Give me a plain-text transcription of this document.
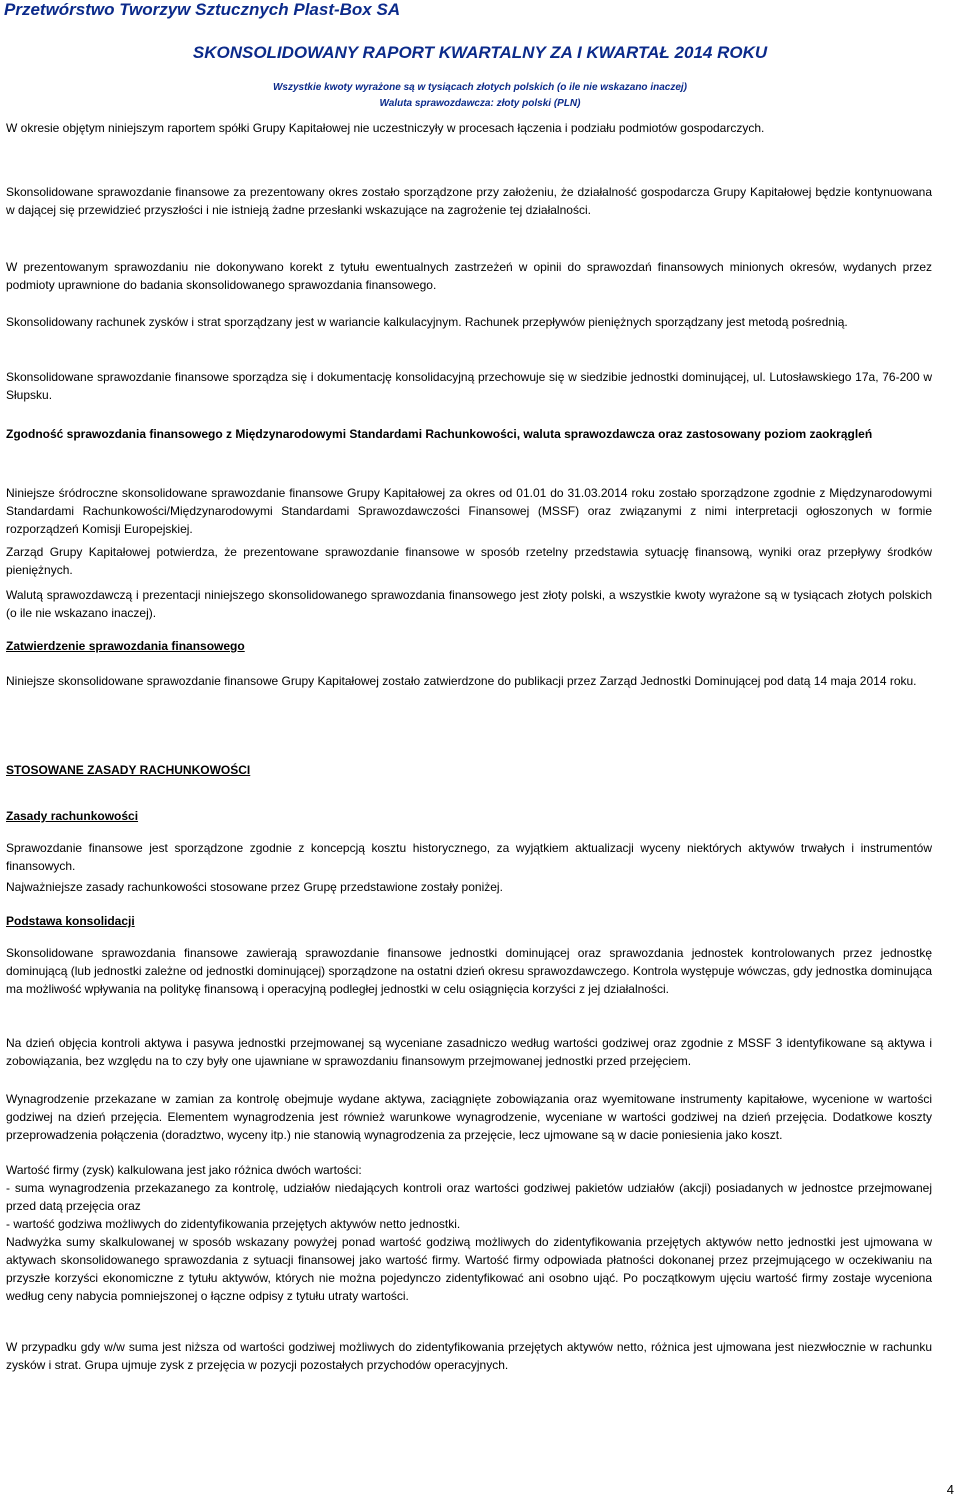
Przetwórstwo Tworzyw Sztucznych Plast-Box SA
SKONSOLIDOWANY RAPORT KWARTALNY ZA I KWARTAŁ 2014 ROKU
Wszystkie kwoty wyrażone są w tysiącach złotych polskich (o ile nie wskazano inaczej)
Waluta sprawozdawcza: złoty polski (PLN)

W okresie objętym niniejszym raportem spółki Grupy Kapitałowej nie uczestniczyły w procesach łączenia i podziału podmiotów gospodarczych.

Skonsolidowane sprawozdanie finansowe za prezentowany okres zostało sporządzone przy założeniu, że działalność gospodarcza Grupy Kapitałowej będzie kontynuowana w dającej się przewidzieć przyszłości i nie istnieją żadne przesłanki wskazujące na zagrożenie tej działalności.

W prezentowanym sprawozdaniu nie dokonywano korekt z tytułu ewentualnych zastrzeżeń w opinii do sprawozdań finansowych minionych okresów, wydanych przez podmioty uprawnione do badania skonsolidowanego sprawozdania finansowego.

Skonsolidowany rachunek zysków i strat sporządzany jest w wariancie kalkulacyjnym. Rachunek przepływów pieniężnych sporządzany jest metodą pośrednią.

Skonsolidowane sprawozdanie finansowe sporządza się i dokumentację konsolidacyjną przechowuje się w siedzibie jednostki dominującej, ul. Lutosławskiego 17a, 76-200 w Słupsku.

Zgodność sprawozdania finansowego z Międzynarodowymi Standardami Rachunkowości, waluta sprawozdawcza oraz zastosowany poziom zaokrągleń

Niniejsze śródroczne skonsolidowane sprawozdanie finansowe Grupy Kapitałowej za okres od 01.01 do 31.03.2014 roku zostało sporządzone zgodnie z Międzynarodowymi Standardami Rachunkowości/Międzynarodowymi Standardami Sprawozdawczości Finansowej (MSSF) oraz związanymi z nimi interpretacji ogłoszonych w formie rozporządzeń Komisji Europejskiej.

Zarząd Grupy Kapitałowej potwierdza, że prezentowane sprawozdanie finansowe w sposób rzetelny przedstawia sytuację finansową, wyniki oraz przepływy środków pieniężnych.

Walutą sprawozdawczą i prezentacji niniejszego skonsolidowanego sprawozdania finansowego jest złoty polski, a wszystkie kwoty wyrażone są w tysiącach złotych polskich (o ile nie wskazano inaczej).

Zatwierdzenie sprawozdania finansowego

Niniejsze skonsolidowane sprawozdanie finansowe Grupy Kapitałowej zostało zatwierdzone do publikacji przez Zarząd Jednostki Dominującej pod datą 14 maja 2014 roku.

STOSOWANE ZASADY RACHUNKOWOŚCI

Zasady rachunkowości

Sprawozdanie finansowe jest sporządzone zgodnie z koncepcją kosztu historycznego, za wyjątkiem aktualizacji wyceny niektórych aktywów trwałych i instrumentów finansowych.

Najważniejsze zasady rachunkowości stosowane przez Grupę przedstawione zostały poniżej.

Podstawa konsolidacji

Skonsolidowane sprawozdania finansowe zawierają sprawozdanie finansowe jednostki dominującej oraz sprawozdania jednostek kontrolowanych przez jednostkę dominującą (lub jednostki zależne od jednostki dominującej) sporządzone na ostatni dzień okresu sprawozdawczego. Kontrola występuje wówczas, gdy jednostka dominująca ma możliwość wpływania na politykę finansową i operacyjną podległej jednostki w celu osiągnięcia korzyści z jej działalności.

Na dzień objęcia kontroli aktywa i pasywa jednostki przejmowanej są wyceniane zasadniczo według wartości godziwej oraz zgodnie z MSSF 3 identyfikowane są aktywa i zobowiązania, bez względu na to czy były one ujawniane w sprawozdaniu finansowym przejmowanej jednostki przed przejęciem.

Wynagrodzenie przekazane w zamian za kontrolę obejmuje wydane aktywa, zaciągnięte zobowiązania oraz wyemitowane instrumenty kapitałowe, wycenione w wartości godziwej na dzień przejęcia. Elementem wynagrodzenia jest również warunkowe wynagrodzenie, wyceniane w wartości godziwej na dzień przejęcia. Dodatkowe koszty przeprowadzenia połączenia (doradztwo, wyceny itp.) nie stanowią wynagrodzenia za przejęcie, lecz ujmowane są w dacie poniesienia jako koszt.

Wartość firmy (zysk) kalkulowana jest jako różnica dwóch wartości:

- suma wynagrodzenia przekazanego za kontrolę, udziałów niedających kontroli oraz wartości godziwej pakietów udziałów (akcji) posiadanych w jednostce przejmowanej przed datą przejęcia oraz

- wartość godziwa możliwych do zidentyfikowania przejętych aktywów netto jednostki.

Nadwyżka sumy skalkulowanej w sposób wskazany powyżej ponad wartość godziwą możliwych do zidentyfikowania przejętych aktywów netto jednostki jest ujmowana w aktywach skonsolidowanego sprawozdania z sytuacji finansowej jako wartość firmy. Wartość firmy odpowiada płatności dokonanej przez przejmującego w oczekiwaniu na przyszłe korzyści ekonomiczne z tytułu aktywów, których nie można pojedynczo zidentyfikować ani osobno ująć. Po początkowym ujęciu wartość firmy zostaje wyceniona według ceny nabycia pomniejszonej o łączne odpisy z tytułu utraty wartości.

W przypadku gdy w/w suma jest niższa od wartości godziwej możliwych do zidentyfikowania przejętych aktywów netto, różnica jest ujmowana jest niezwłocznie w rachunku zysków i strat. Grupa ujmuje zysk z przejęcia w pozycji pozostałych przychodów operacyjnych.

4
